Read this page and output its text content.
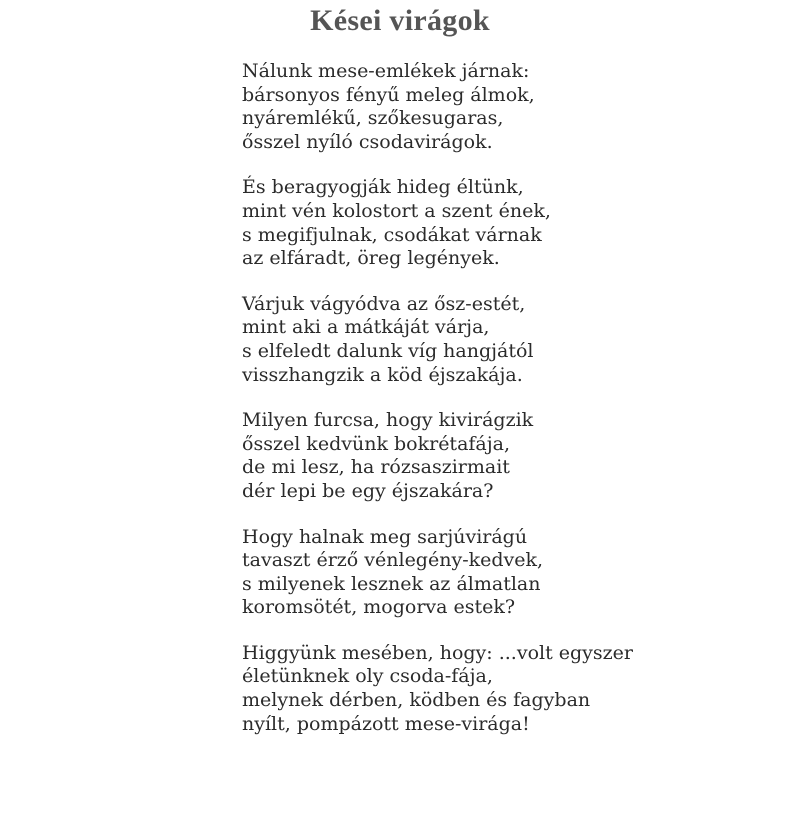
Kései virágok
Nálunk mese-emlékek járnak:
bársonyos fényű meleg álmok,
nyáremlékű, szőkesugaras,
ősszel nyíló csodavirágok.
És beragyogják hideg éltünk,
mint vén kolostort a szent ének,
s megifjulnak, csodákat várnak
az elfáradt, öreg legények.
Várjuk vágyódva az ősz-estét,
mint aki a mátkáját várja,
s elfeledt dalunk víg hangjától
visszhangzik a köd éjszakája.
Milyen furcsa, hogy kivirágzik
ősszel kedvünk bokrétafája,
de mi lesz, ha rózsaszirmait
dér lepi be egy éjszakára?
Hogy halnak meg sarjúvirágú
tavaszt érző vénlegény-kedvek,
s milyenek lesznek az álmatlan
koromsötét, mogorva estek?
Higgyünk mesében, hogy: ...volt egyszer
életünknek oly csoda-fája,
melynek dérben, ködben és fagyban
nyílt, pompázott mese-virága!
